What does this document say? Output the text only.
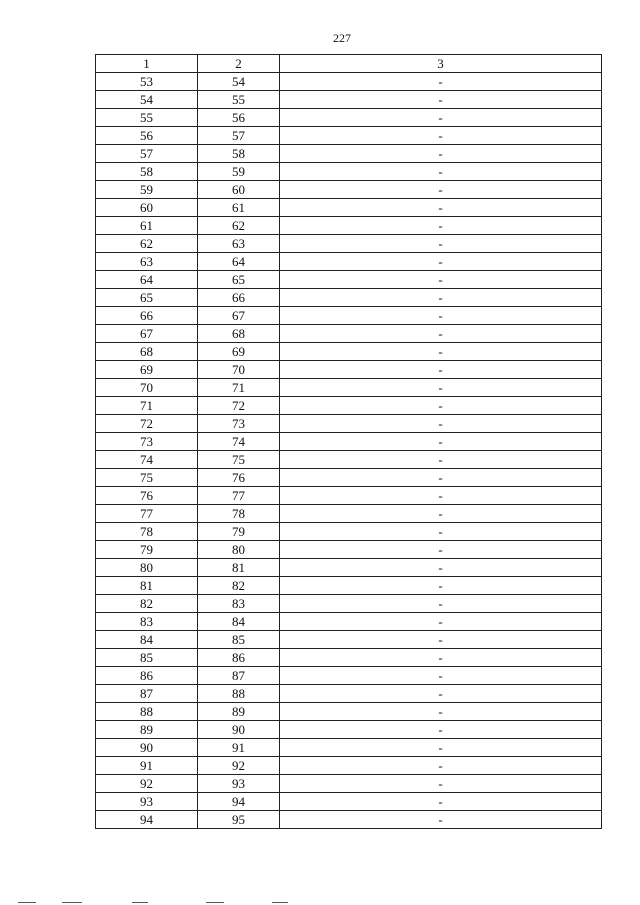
227
1	2	3
53	54	-
54	55	-
55	56	-
56	57	-
57	58	-
58	59	-
59	60	-
60	61	-
61	62	-
62	63	-
63	64	-
64	65	-
65	66	-
66	67	-
67	68	-
68	69	-
69	70	-
70	71	-
71	72	-
72	73	-
73	74	-
74	75	-
75	76	-
76	77	-
77	78	-
78	79	-
79	80	-
80	81	-
81	82	-
82	83	-
83	84	-
84	85	-
85	86	-
86	87	-
87	88	-
88	89	-
89	90	-
90	91	-
91	92	-
92	93	-
93	94	-
94	95	-
